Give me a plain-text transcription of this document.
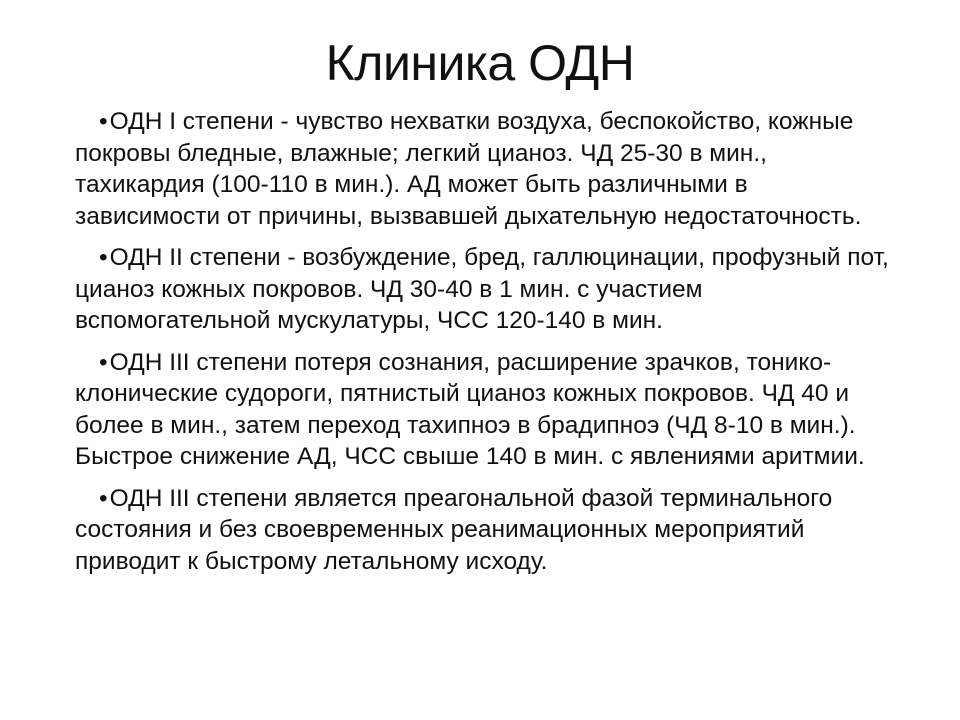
Клиника ОДН
•ОДН I степени - чувство нехватки воздуха, беспокойство, кожные покровы бледные, влажные; легкий цианоз. ЧД 25-30 в мин., тахикардия (100-110 в мин.). АД может быть различными в зависимости от причины, вызвавшей дыхательную недостаточность.
•ОДН II степени - возбуждение, бред, галлюцинации, профузный пот, цианоз кожных покровов. ЧД 30-40 в 1 мин. с участием вспомогательной мускулатуры, ЧСС 120-140 в мин.
•ОДН III степени потеря сознания, расширение зрачков, тонико- клонические судороги, пятнистый цианоз кожных покровов. ЧД 40 и более в мин., затем переход тахипноэ в брадипноэ (ЧД 8-10 в мин.). Быстрое снижение АД, ЧСС свыше 140 в мин. с явлениями аритмии.
•ОДН III степени является преагональной фазой терминального состояния и без своевременных реанимационных мероприятий приводит к быстрому летальному исходу.
